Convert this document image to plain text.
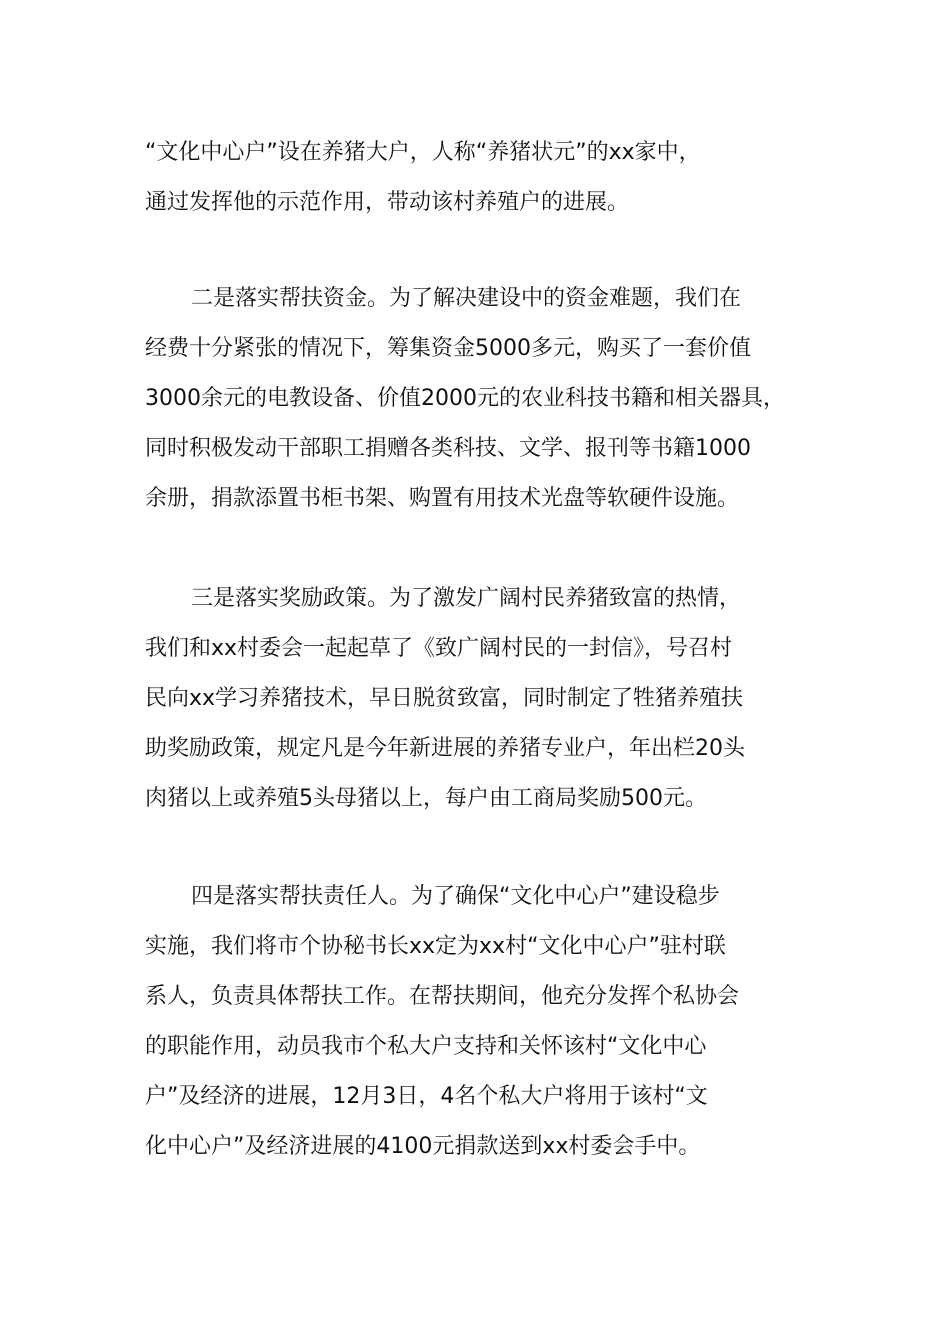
“文化中心户”设在养猪大户，人称“养猪状元”的xx家中，
通过发挥他的示范作用，带动该村养殖户的进展。

二是落实帮扶资金。为了解决建设中的资金难题，我们在
经费十分紧张的情况下，筹集资金5000多元，购买了一套价值
3000余元的电教设备、价值2000元的农业科技书籍和相关器具，
同时积极发动干部职工捐赠各类科技、文学、报刊等书籍1000
余册，捐款添置书柜书架、购置有用技术光盘等软硬件设施。

三是落实奖励政策。为了激发广阔村民养猪致富的热情，
我们和xx村委会一起起草了《致广阔村民的一封信》，号召村
民向xx学习养猪技术，早日脱贫致富，同时制定了牲猪养殖扶
助奖励政策，规定凡是今年新进展的养猪专业户，年出栏20头
肉猪以上或养殖5头母猪以上，每户由工商局奖励500元。

四是落实帮扶责任人。为了确保“文化中心户”建设稳步
实施，我们将市个协秘书长xx定为xx村“文化中心户”驻村联
系人，负责具体帮扶工作。在帮扶期间，他充分发挥个私协会
的职能作用，动员我市个私大户支持和关怀该村“文化中心
户”及经济的进展，12月3日，4名个私大户将用于该村“文
化中心户”及经济进展的4100元捐款送到xx村委会手中。
